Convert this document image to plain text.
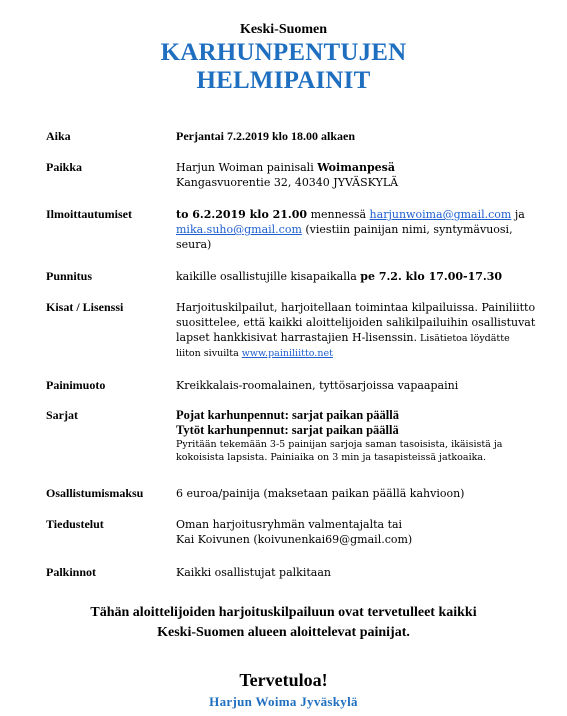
Keski-Suomen
KARHUNPENTUJEN
HELMIPAINIT
Aika	Perjantai 7.2.2019 klo 18.00 alkaen
Paikka	Harjun Woiman painisali Woimanpesä
Kangasvuorentie 32, 40340 JYVÄSKYLÄ
Ilmoittautumiset	to 6.2.2019 klo 21.00 mennessä harjunwoima@gmail.com ja
mika.suho@gmail.com (viestiin painijan nimi, syntymävuosi, seura)
Punnitus	kaikille osallistujille kisapaikalla pe 7.2. klo 17.00-17.30
Kisat / Lisenssi	Harjoituskilpailut, harjoitellaan toimintaa kilpailuissa. Painiliitto suosittelee, että kaikki aloittelijoiden salikilpailuihin osallistuvat lapset hankkisivat harrastajien H-lisenssin. Lisätietoa löydätte liiton sivuilta www.painiliitto.net
Painimuoto	Kreikkalais-roomalainen, tyttösarjoissa vapaapaini
Sarjat	Pojat karhunpennut: sarjat paikan päällä
Tytöt karhunpennut: sarjat paikan päällä
Pyritään tekemään 3-5 painijan sarjoja saman tasoisista, ikäisistä ja kokoisista lapsista. Painiaika on 3 min ja tasapisteissä jatkoaika.
Osallistumismaksu	6 euroa/painija (maksetaan paikan päällä kahvioon)
Tiedustelut	Oman harjoitusryhmän valmentajalta tai
Kai Koivunen (koivunenkai69@gmail.com)
Palkinnot	Kaikki osallistujat palkitaan
Tähän aloittelijoiden harjoituskilpailuun ovat tervetulleet kaikki
Keski-Suomen alueen aloittelevat painijat.
Tervetuloa!
Harjun Woima Jyväskylä
